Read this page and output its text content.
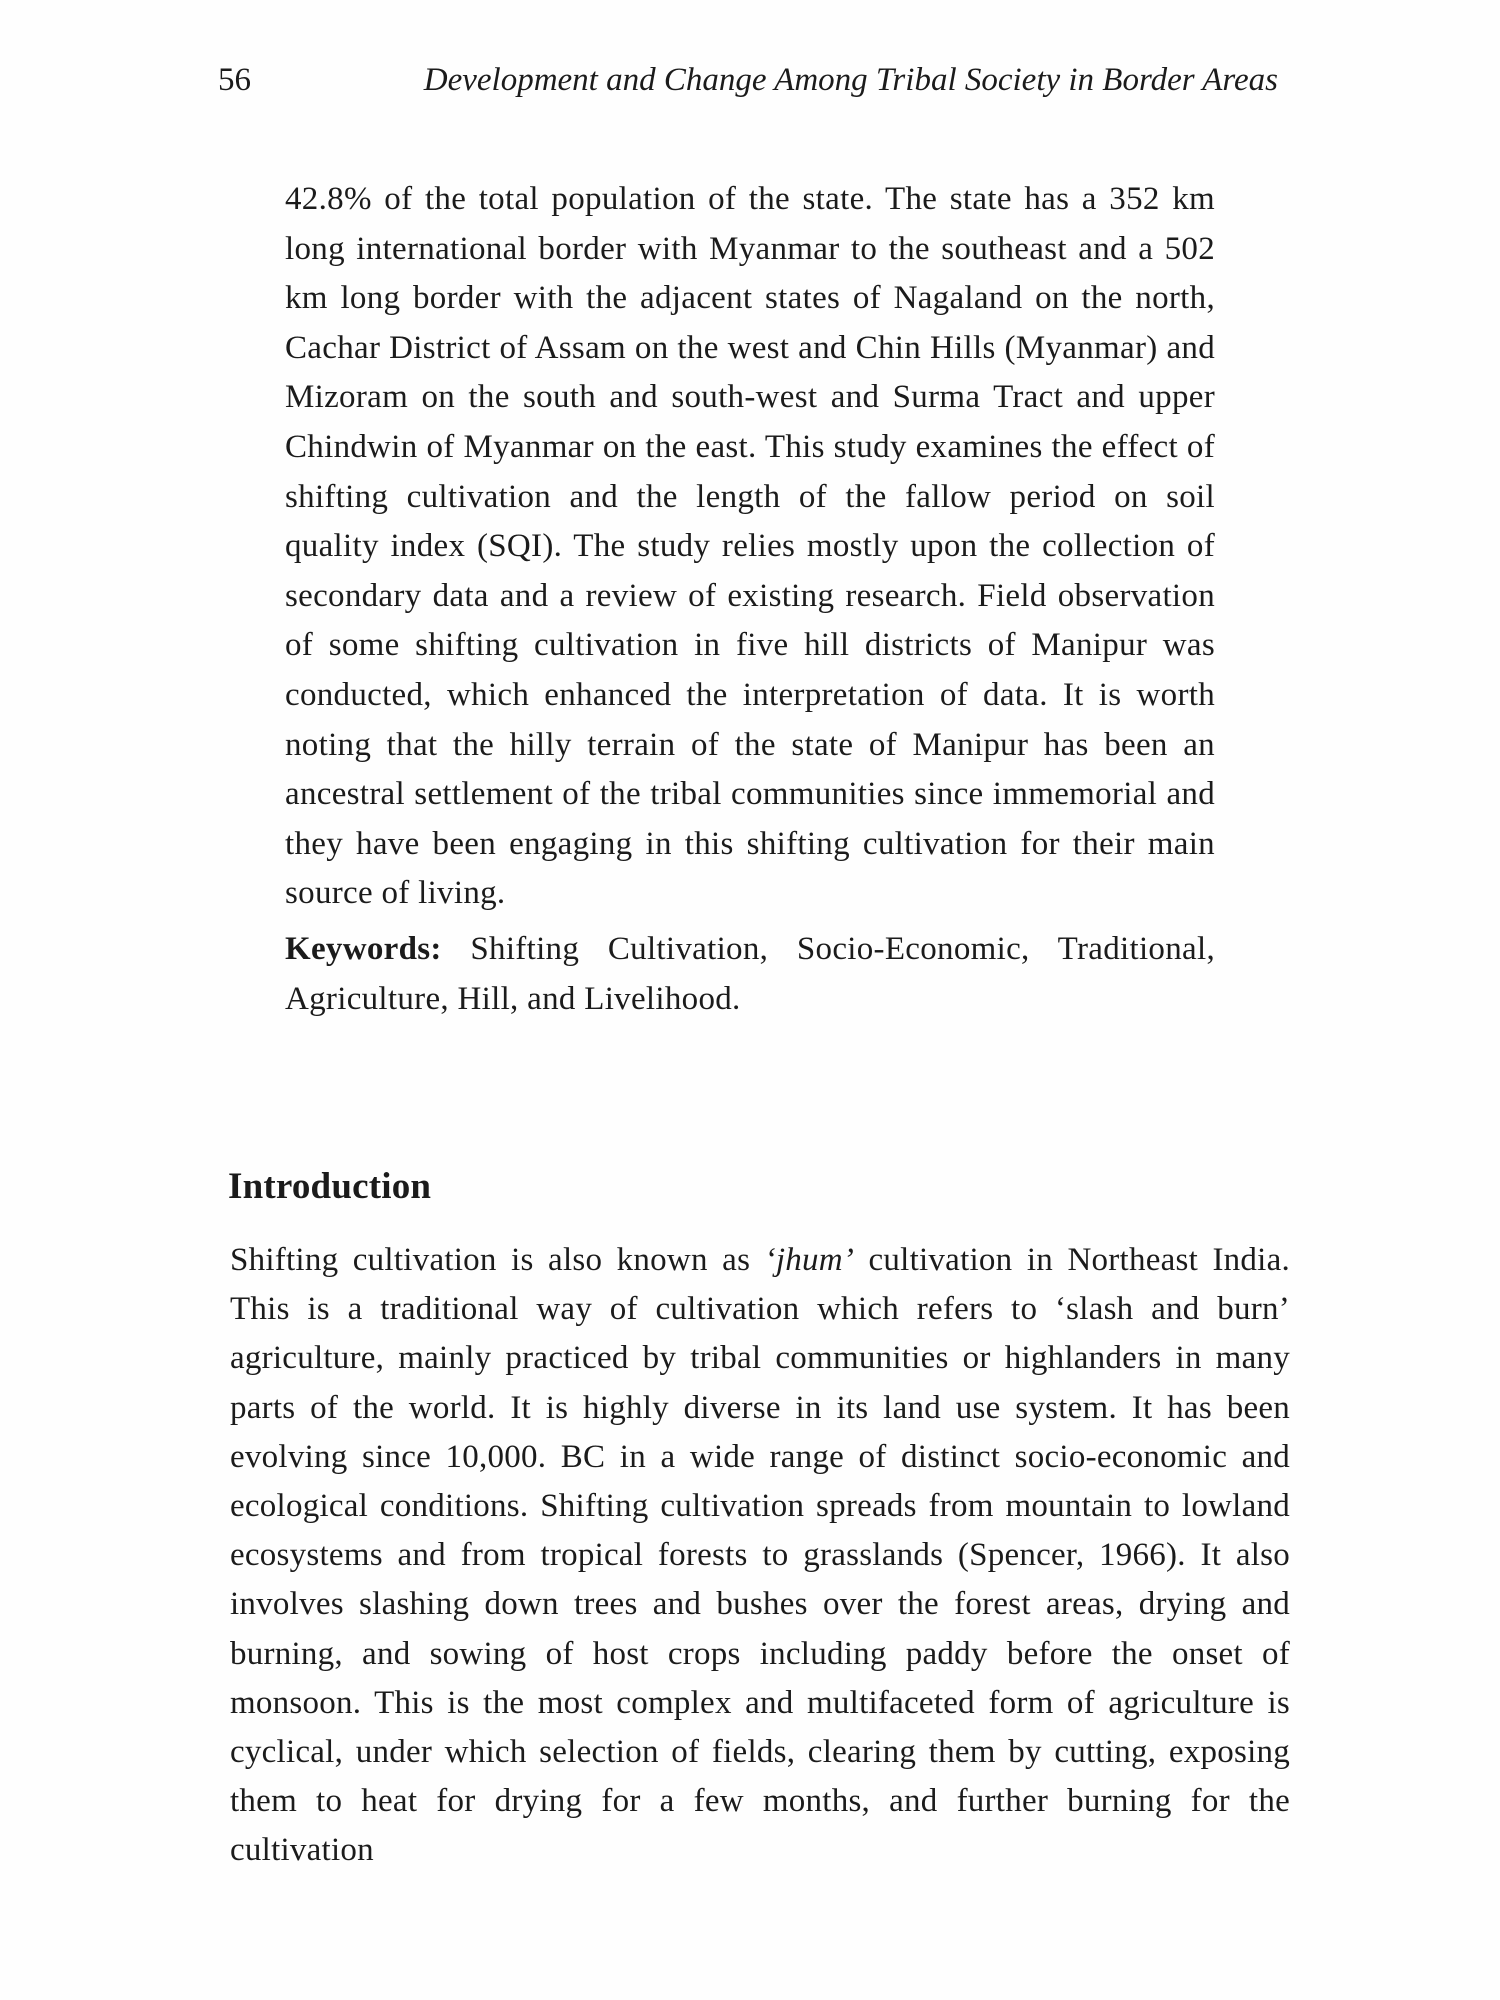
56	Development and Change Among Tribal Society in Border Areas

42.8% of the total population of the state. The state has a 352 km long international border with Myanmar to the southeast and a 502 km long border with the adjacent states of Nagaland on the north, Cachar District of Assam on the west and Chin Hills (Myanmar) and Mizoram on the south and south-west and Surma Tract and upper Chindwin of Myanmar on the east. This study examines the effect of shifting cultivation and the length of the fallow period on soil quality index (SQI). The study relies mostly upon the collection of secondary data and a review of existing research. Field observation of some shifting cultivation in five hill districts of Manipur was conducted, which enhanced the interpretation of data. It is worth noting that the hilly terrain of the state of Manipur has been an ancestral settlement of the tribal communities since immemorial and they have been engaging in this shifting cultivation for their main source of living.

Keywords: Shifting Cultivation, Socio-Economic, Traditional, Agriculture, Hill, and Livelihood.

Introduction

Shifting cultivation is also known as ‘jhum’ cultivation in Northeast India. This is a traditional way of cultivation which refers to ‘slash and burn’ agriculture, mainly practiced by tribal communities or highlanders in many parts of the world. It is highly diverse in its land use system. It has been evolving since 10,000. BC in a wide range of distinct socio-economic and ecological conditions. Shifting cultivation spreads from mountain to lowland ecosystems and from tropical forests to grasslands (Spencer, 1966). It also involves slashing down trees and bushes over the forest areas, drying and burning, and sowing of host crops including paddy before the onset of monsoon. This is the most complex and multifaceted form of agriculture is cyclical, under which selection of fields, clearing them by cutting, exposing them to heat for drying for a few months, and further burning for the cultivation
